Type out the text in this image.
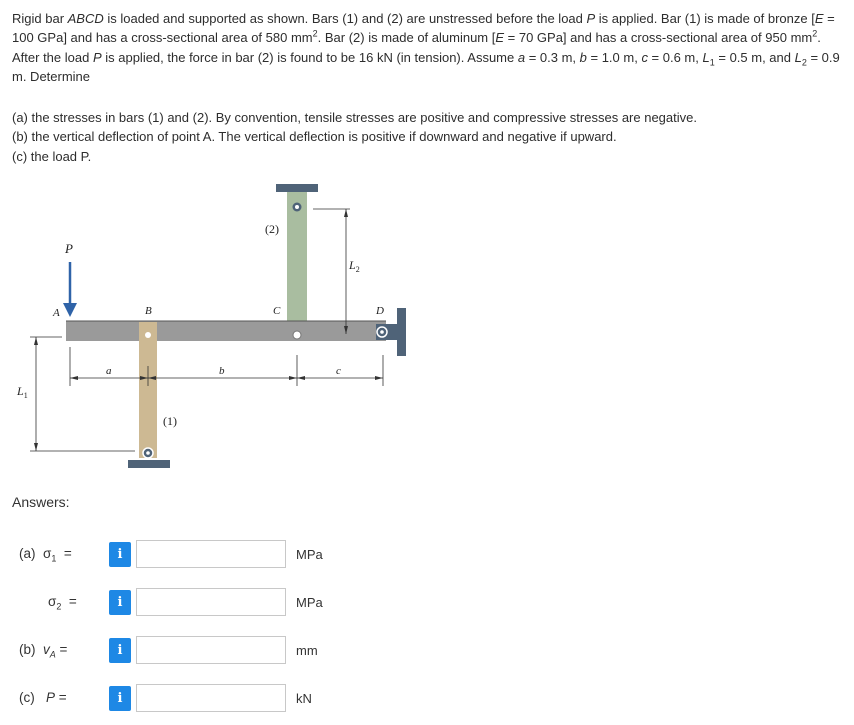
Rigid bar ABCD is loaded and supported as shown. Bars (1) and (2) are unstressed before the load P is applied. Bar (1) is made of bronze [E = 100 GPa] and has a cross-sectional area of 580 $mm^2$. Bar (2) is made of aluminum [E = 70 GPa] and has a cross-sectional area of 950 $mm^2$. After the load P is applied, the force in bar (2) is found to be 16 kN (in tension). Assume a = 0.3 m, b = 1.0 m, c = 0.6 m, $L_1 = 0.5$ m, and $L_2 = 0.9$ m. Determine

(a) the stresses in bars (1) and (2). By convention, tensile stresses are positive and compressive stresses are negative.
(b) the vertical deflection of point A. The vertical deflection is positive if downward and negative if upward.
(c) the load P.
P
A	B	C	D
(2)
(1)
a	b	c
$L_1$
$L_2$
Answers:
(a)  $\sigma_1$  =	i	MPa
$\sigma_2$  =	i	MPa
(b)  $v_A$ =	i	mm
(c)   P =	i	kN
